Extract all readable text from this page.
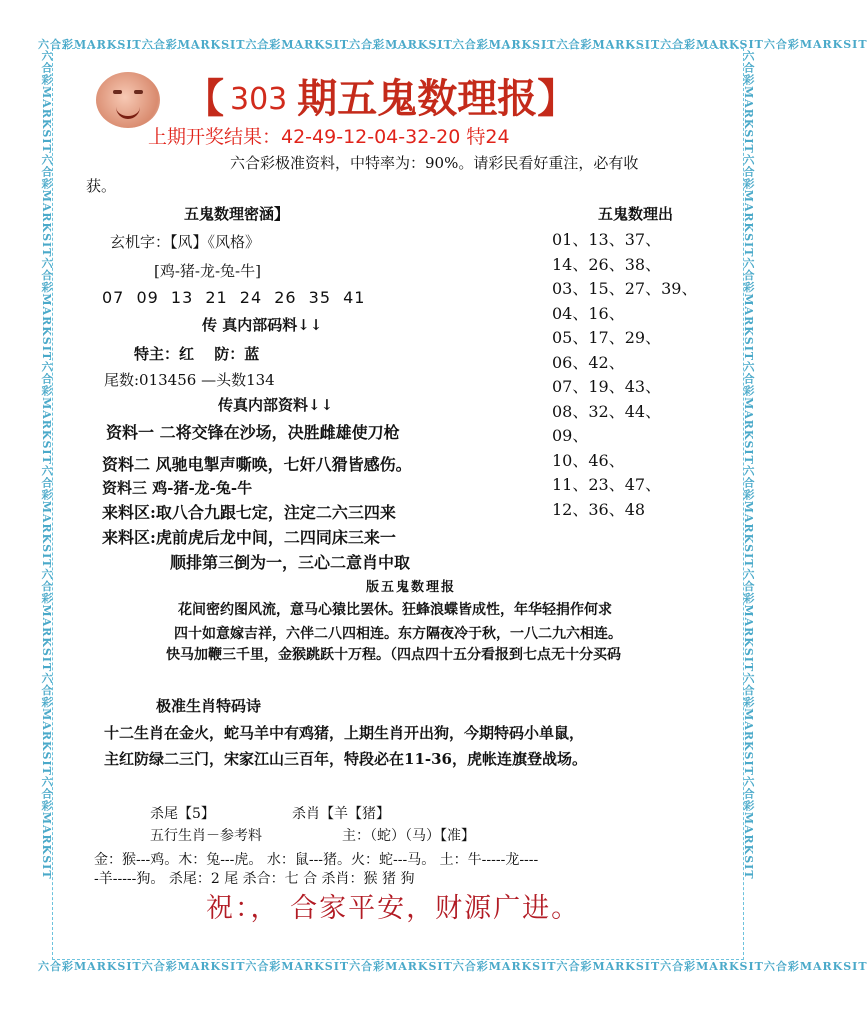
六合彩MARKSIT六合彩MARKSIT六合彩MARKSIT六合彩MARKSIT六合彩MARKSIT六合彩MARKSIT六合彩MARKSIT六合彩MARKSIT
六合彩MARKSIT六合彩MARKSIT六合彩MARKSIT六合彩MARKSIT六合彩MARKSIT六合彩MARKSIT六合彩MARKSIT六合彩MARKSIT
六合彩MARKSIT六合彩MARKSIT六合彩MARKSIT六合彩MARKSIT六合彩MARKSIT六合彩MARKSIT六合彩MARKSIT六合彩MARKSIT	六合彩MARKSIT六合彩MARKSIT六合彩MARKSIT六合彩MARKSIT六合彩MARKSIT六合彩MARKSIT六合彩MARKSIT六合彩MARKSIT
【 303 期五鬼数理报】
上期开奖结果：42-49-12-04-32-20 特24
六合彩极准资料，中特率为：90%。请彩民看好重注，必有收
获。
五鬼数理密涵】	五鬼数理出
玄机字：【风】《风格》
[鸡-猪-龙-兔-牛]
07 09 13 21 24 26 35 41
传 真内部码料↓↓
特主：红　 防：蓝
尾数:013456 —头数134
传真内部资料↓↓
资料一 二将交锋在沙场，决胜雌雄使刀枪
资料二 风驰电掣声嘶唤，七奸八猾皆感伤。
资料三 鸡-猪-龙-兔-牛
来料区:取八合九跟七定，注定二六三四来
来料区:虎前虎后龙中间，二四同床三来一
顺排第三倒为一，三心二意肖中取
01、13、37、
14、26、38、
03、15、27、39、
04、16、
05、17、29、
06、42、
07、19、43、
08、32、44、
09、
10、46、
11、23、47、
12、36、48
版五鬼数理报
花间密约图风流，意马心猿比罢休。狂蜂浪蝶皆成性，年华轻捐作何求
四十如意嫁吉祥，六伴二八四相连。东方隔夜冷于秋，一八二九六相连。
快马加鞭三千里，金猴跳跃十万程。（四点四十五分看报到七点无十分买码
极准生肖特码诗
十二生肖在金火，蛇马羊中有鸡猪，上期生肖开出狗，今期特码小单鼠，
主红防绿二三门，宋家江山三百年，特段必在11-36，虎帐连旗登战场。
杀尾【5】	杀肖【羊【猪】
五行生肖－参考料	主：（蛇）（马）【准】
金：猴---鸡。木：兔---虎。 水：鼠---猪。火：蛇---马。 土：牛-----龙----
-羊-----狗。 杀尾：2 尾 杀合：七 合 杀肖：猴 猪 狗
祝：， 合家平安，财源广进。
